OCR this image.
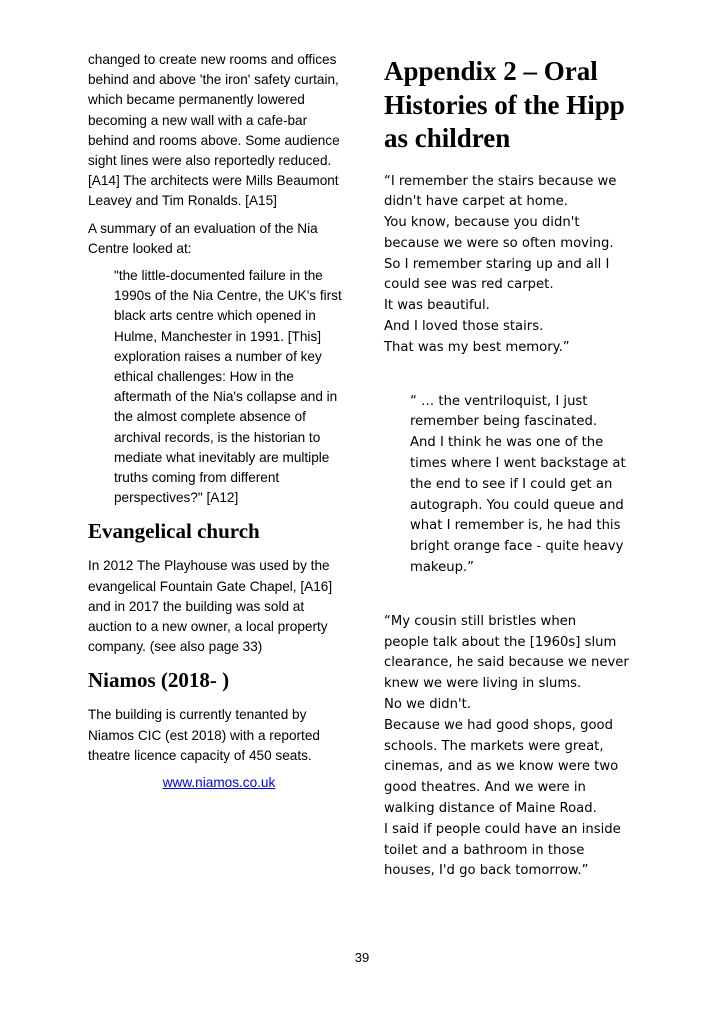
changed to create new rooms and offices behind and above 'the iron' safety curtain, which became permanently lowered becoming a new wall with a cafe-bar behind and rooms above. Some audience sight lines were also reportedly reduced. [A14] The architects were Mills Beaumont Leavey and Tim Ronalds. [A15]

A summary of an evaluation of the Nia Centre looked at:

"the little-documented failure in the 1990s of the Nia Centre, the UK's first black arts centre which opened in Hulme, Manchester in 1991. [This] exploration raises a number of key ethical challenges: How in the aftermath of the Nia's collapse and in the almost complete absence of archival records, is the historian to mediate what inevitably are multiple truths coming from different perspectives?" [A12]
Evangelical church

In 2012 The Playhouse was used by the evangelical Fountain Gate Chapel, [A16] and in 2017 the building was sold at auction to a new owner, a local property company. (see also page 33)

Niamos (2018- )

The building is currently tenanted by Niamos CIC (est 2018) with a reported theatre licence capacity of 450 seats.

www.niamos.co.uk
Appendix 2 – Oral Histories of the Hipp as children
“I remember the stairs because we
didn't have carpet at home.
You know, because you didn't
because we were so often moving.
So I remember staring up and all I
could see was red carpet.
It was beautiful.
And I loved those stairs.
That was my best memory.”
“ … the ventriloquist, I just
remember being fascinated.
And I think he was one of the
times where I went backstage at
the end to see if I could get an
autograph. You could queue and
what I remember is, he had this
bright orange face - quite heavy
makeup.”
“My cousin still bristles when
people talk about the [1960s] slum
clearance, he said because we never
knew we were living in slums.
No we didn't.
Because we had good shops, good
schools. The markets were great,
cinemas, and as we know were two
good theatres. And we were in
walking distance of Maine Road.
I said if people could have an inside
toilet and a bathroom in those
houses, I'd go back tomorrow.”
39
